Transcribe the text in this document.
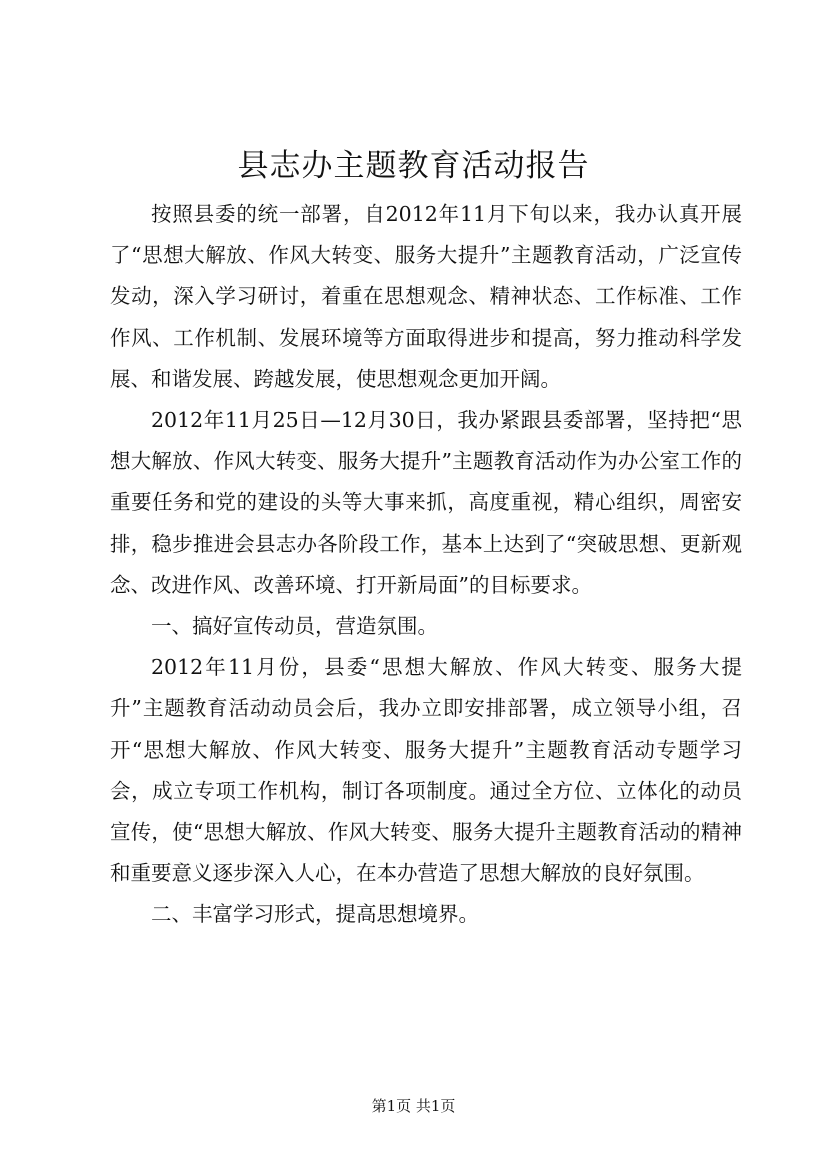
县志办主题教育活动报告

按照县委的统一部署，自2012年11月下旬以来，我办认真开展了“思想大解放、作风大转变、服务大提升”主题教育活动，广泛宣传发动，深入学习研讨，着重在思想观念、精神状态、工作标准、工作作风、工作机制、发展环境等方面取得进步和提高，努力推动科学发展、和谐发展、跨越发展，使思想观念更加开阔。

2012年11月25日—12月30日，我办紧跟县委部署，坚持把“思想大解放、作风大转变、服务大提升”主题教育活动作为办公室工作的重要任务和党的建设的头等大事来抓，高度重视，精心组织，周密安排，稳步推进会县志办各阶段工作，基本上达到了“突破思想、更新观念、改进作风、改善环境、打开新局面”的目标要求。

一、搞好宣传动员，营造氛围。

2012年11月份，县委“思想大解放、作风大转变、服务大提升”主题教育活动动员会后，我办立即安排部署，成立领导小组，召开“思想大解放、作风大转变、服务大提升”主题教育活动专题学习会，成立专项工作机构，制订各项制度。通过全方位、立体化的动员宣传，使“思想大解放、作风大转变、服务大提升主题教育活动的精神和重要意义逐步深入人心，在本办营造了思想大解放的良好氛围。

二、丰富学习形式，提高思想境界。

第1页 共1页
